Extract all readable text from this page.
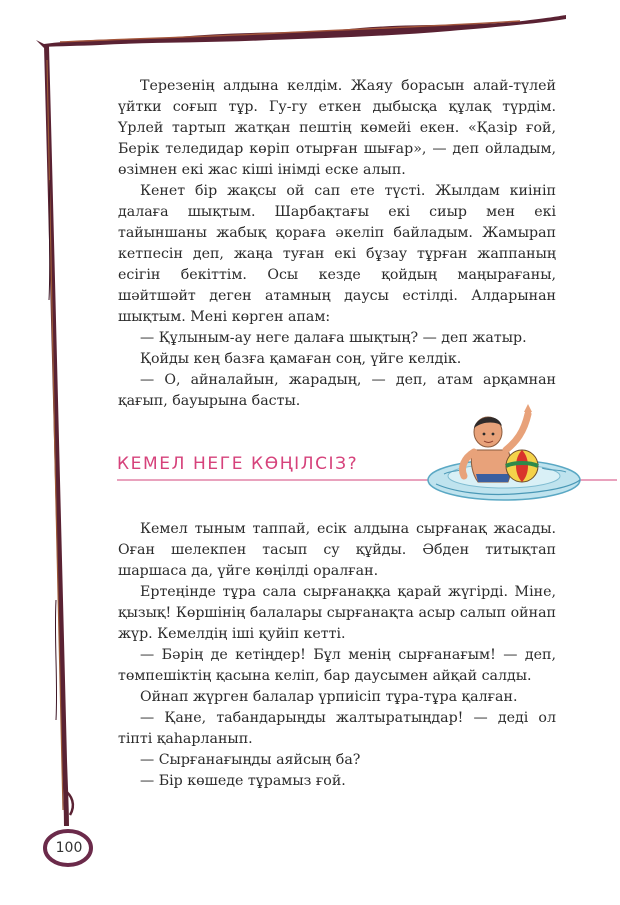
Терезенің алдына келдім. Жаяу борасын алай-түлей үйтки соғып тұр. Гу-гу еткен дыбысқа құлақ түрдім. Үрлей тартып жатқан пештің көмейі екен. «Қазір ғой, Берік теледидар көріп отырған шығар», — деп ойладым, өзімнен екі жас кіші інімді еске алып.

Кенет бір жақсы ой сап ете түсті. Жылдам киініп далаға шықтым. Шарбақтағы екі сиыр мен екі тайыншаны жабық қораға әкеліп байладым. Жамырап кетпесін деп, жаңа туған екі бұзау тұрған жаппаның есігін бекіттім. Осы кезде қойдың маңырағаны, шәйтшәйт деген атамның даусы естілді. Алдарынан шықтым. Мені көрген апам:

— Құлыным-ау неге далаға шықтың? — деп жатыр.

Қойды кең базға қамаған соң, үйге келдік.

— О, айналайын, жарадың, — деп, атам арқамнан қағып, бауырына басты.

КЕМЕЛ НЕГЕ КӨҢІЛСІЗ?

Кемел тыным таппай, есік алдына сырғанақ жасады. Оған шелекпен тасып су құйды. Әбден титықтап шаршаса да, үйге көңілді оралған.

Ертеңінде тұра сала сырғанаққа қарай жүгірді. Міне, қызық! Көршінің балалары сырғанақта асыр салып ойнап жүр. Кемелдің іші қуйіп кетті.

— Бәрің де кетіңдер! Бұл менің сырғанағым! — деп, төмпешіктің қасына келіп, бар даусымен айқай салды.

Ойнап жүрген балалар үрпиісіп тұра-тұра қалған.

— Қане, табандарыңды жалтыратыңдар! — деді ол тіпті қаһарланып.

— Сырғанағыңды аяйсың ба?

— Бір көшеде тұрамыз ғой.

100
